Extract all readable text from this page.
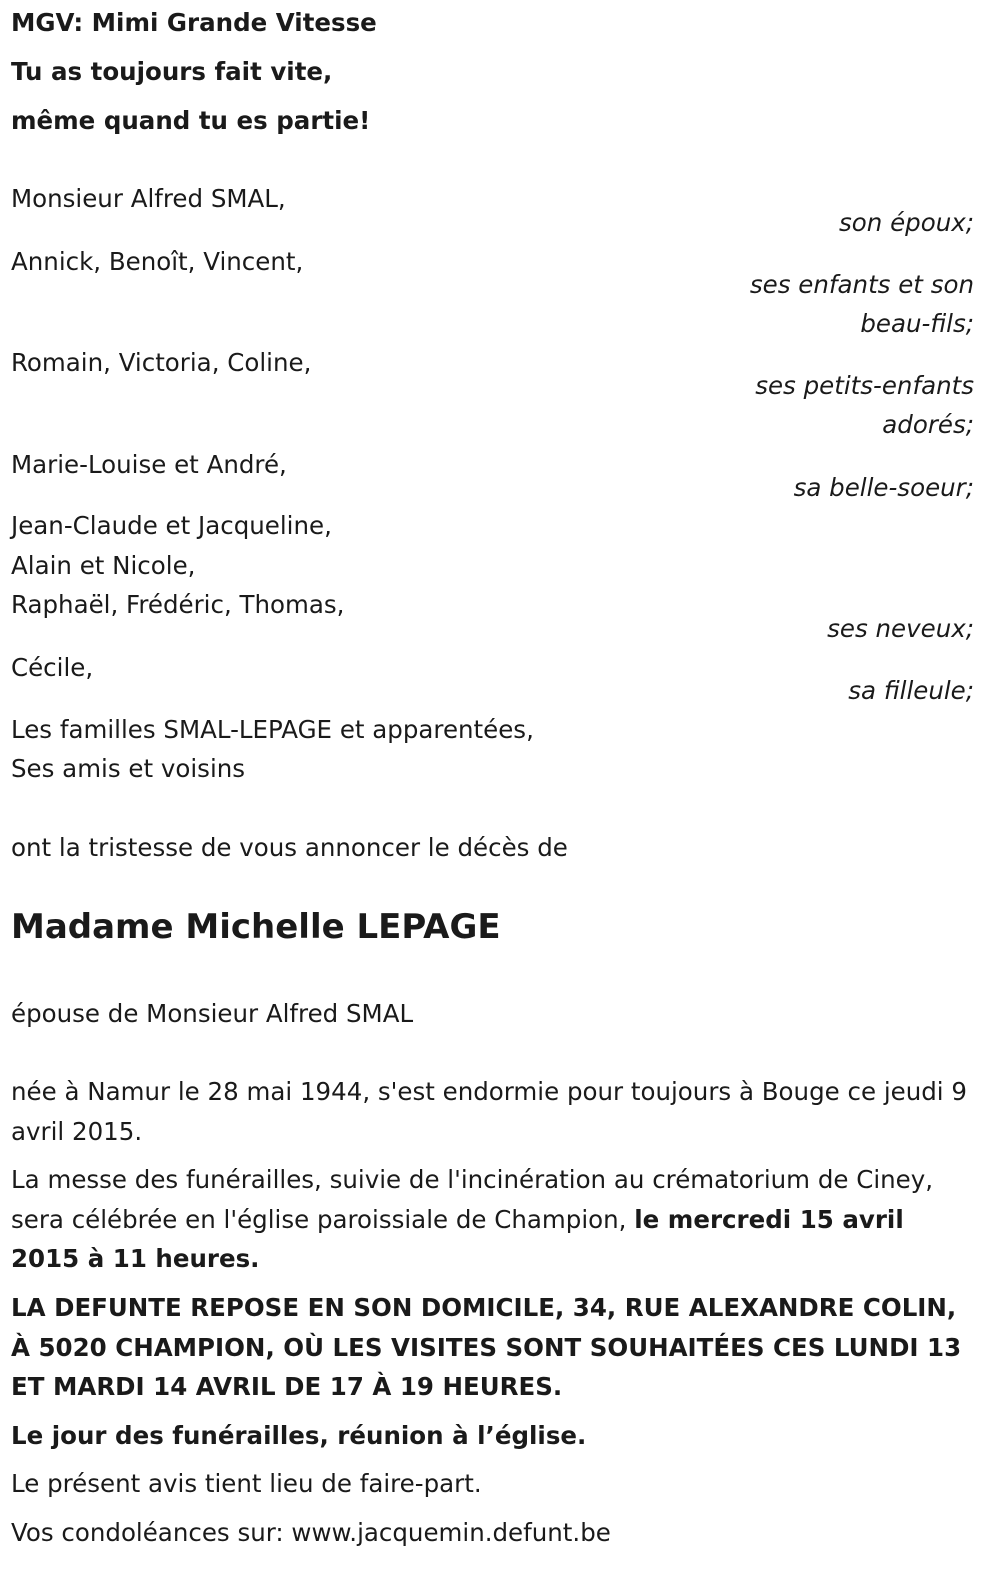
MGV: Mimi Grande Vitesse
Tu as toujours fait vite,
même quand tu es partie!
Monsieur Alfred SMAL,
son époux;
Annick, Benoît, Vincent,
ses enfants et son
beau-fils;
Romain, Victoria, Coline,
ses petits-enfants
adorés;
Marie-Louise et André,
sa belle-soeur;
Jean-Claude et Jacqueline,
Alain et Nicole,
Raphaël, Frédéric, Thomas,
ses neveux;
Cécile,
sa filleule;
Les familles SMAL-LEPAGE et apparentées,
Ses amis et voisins
ont la tristesse de vous annoncer le décès de
Madame Michelle LEPAGE
épouse de Monsieur Alfred SMAL
née à Namur le 28 mai 1944, s'est endormie pour toujours à Bouge ce jeudi 9 avril 2015.
La messe des funérailles, suivie de l'incinération au crématorium de Ciney, sera célébrée en l'église paroissiale de Champion, le mercredi 15 avril 2015 à 11 heures.
LA DEFUNTE REPOSE EN SON DOMICILE, 34, RUE ALEXANDRE COLIN, À 5020 CHAMPION, OÙ LES VISITES SONT SOUHAITÉES CES LUNDI 13 ET MARDI 14 AVRIL DE 17 À 19 HEURES.
Le jour des funérailles, réunion à l’église.
Le présent avis tient lieu de faire-part.
Vos condoléances sur: www.jacquemin.defunt.be
